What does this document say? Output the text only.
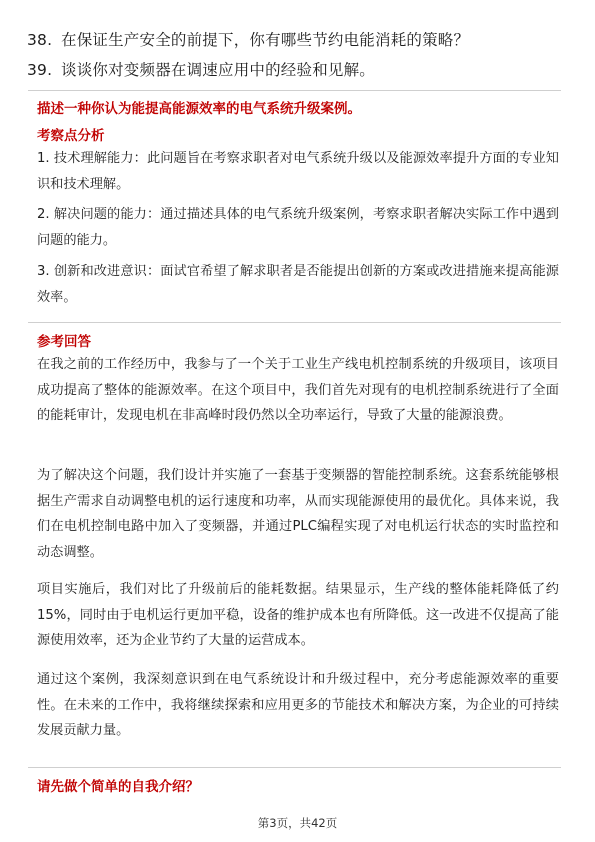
38. 在保证生产安全的前提下，你有哪些节约电能消耗的策略？
39. 谈谈你对变频器在调速应用中的经验和见解。
描述一种你认为能提高能源效率的电气系统升级案例。
考察点分析

1. 技术理解能力：此问题旨在考察求职者对电气系统升级以及能源效率提升方面的专业知识和技术理解。

2. 解决问题的能力：通过描述具体的电气系统升级案例，考察求职者解决实际工作中遇到问题的能力。

3. 创新和改进意识：面试官希望了解求职者是否能提出创新的方案或改进措施来提高能源效率。

参考回答

在我之前的工作经历中，我参与了一个关于工业生产线电机控制系统的升级项目，该项目成功提高了整体的能源效率。在这个项目中，我们首先对现有的电机控制系统进行了全面的能耗审计，发现电机在非高峰时段仍然以全功率运行，导致了大量的能源浪费。

为了解决这个问题，我们设计并实施了一套基于变频器的智能控制系统。这套系统能够根据生产需求自动调整电机的运行速度和功率，从而实现能源使用的最优化。具体来说，我们在电机控制电路中加入了变频器，并通过PLC编程实现了对电机运行状态的实时监控和动态调整。

项目实施后，我们对比了升级前后的能耗数据。结果显示，生产线的整体能耗降低了约15%，同时由于电机运行更加平稳，设备的维护成本也有所降低。这一改进不仅提高了能源使用效率，还为企业节约了大量的运营成本。

通过这个案例，我深刻意识到在电气系统设计和升级过程中，充分考虑能源效率的重要性。在未来的工作中，我将继续探索和应用更多的节能技术和解决方案，为企业的可持续发展贡献力量。

请先做个简单的自我介绍？
第3页，共42页
